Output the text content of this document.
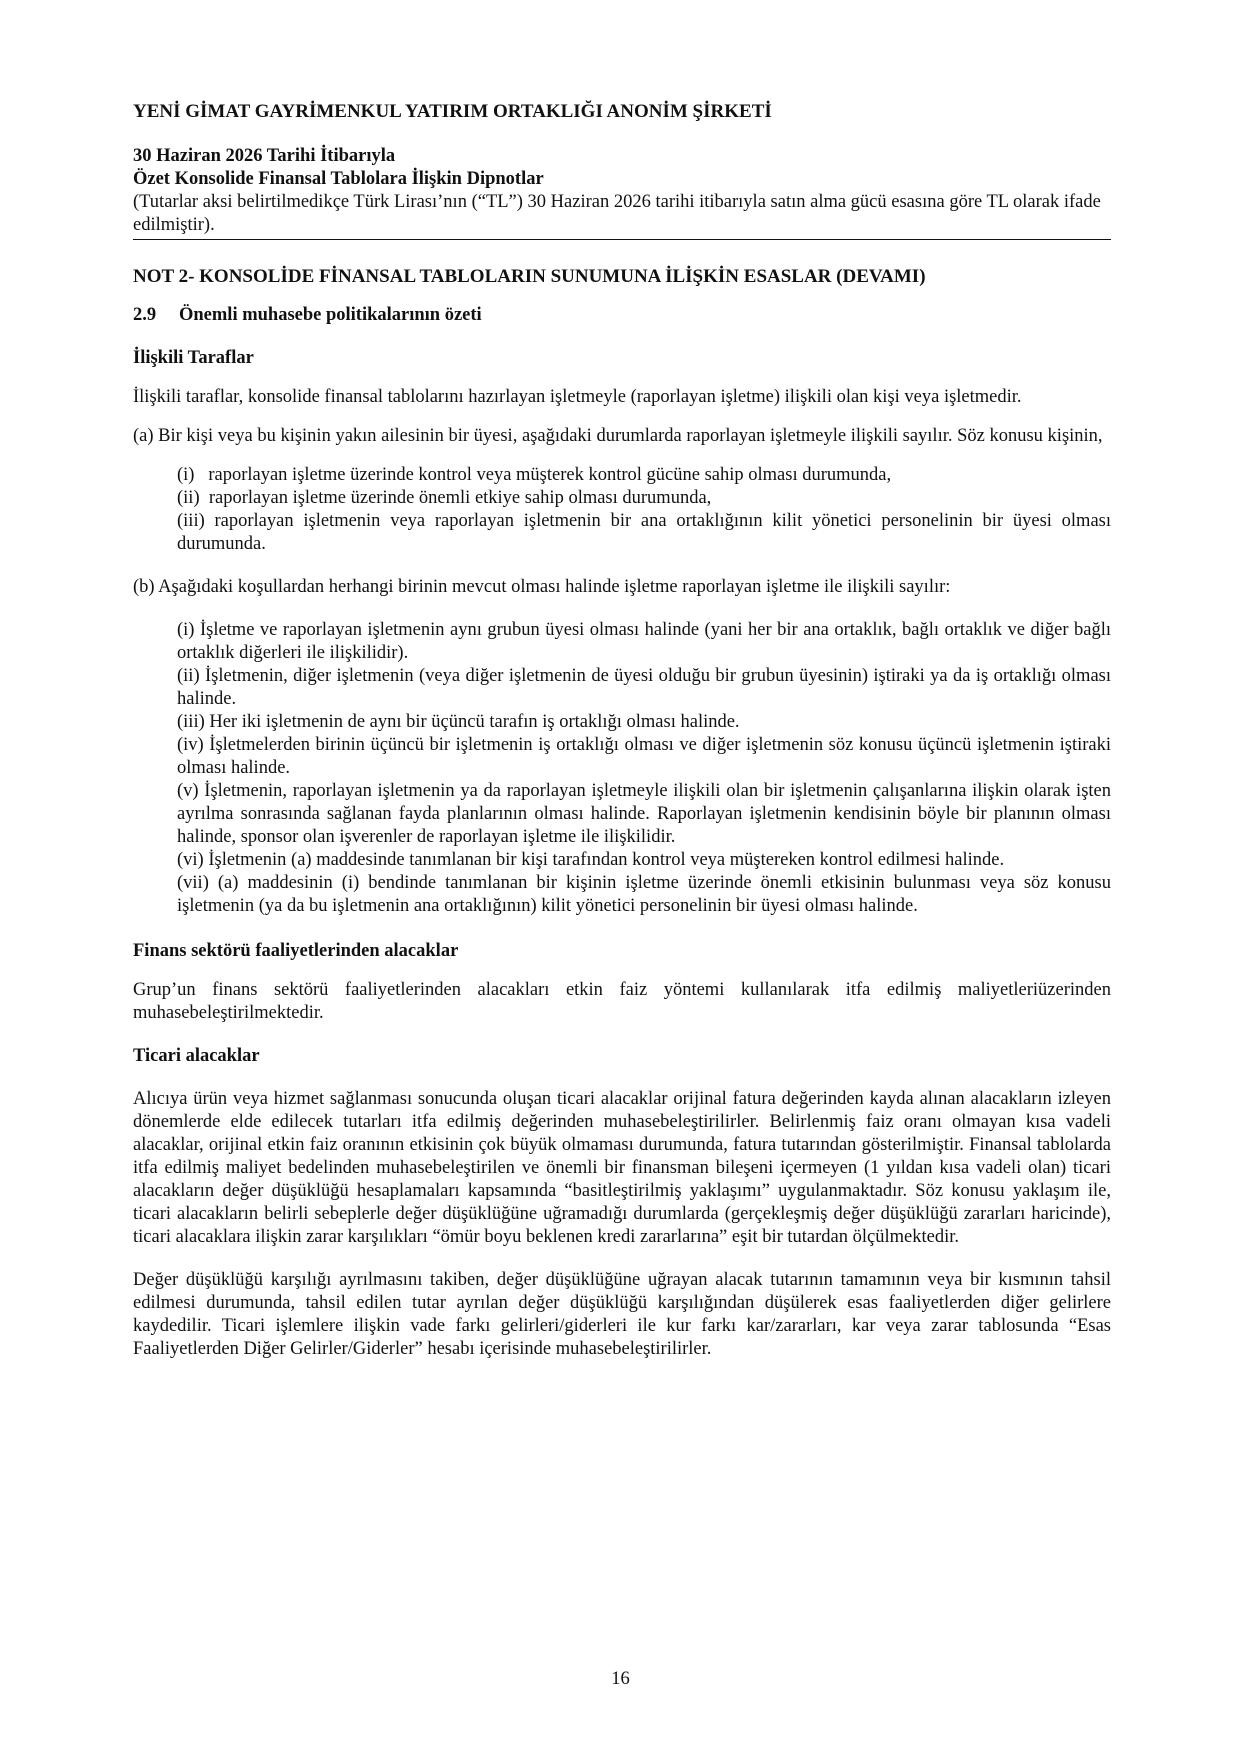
YENİ GİMAT GAYRİMENKUL YATIRIM ORTAKLIĞI ANONİM ŞİRKETİ
30 Haziran 2026 Tarihi İtibarıyla
Özet Konsolide Finansal Tablolara İlişkin Dipnotlar
(Tutarlar aksi belirtilmedikçe Türk Lirası’nın (“TL”) 30 Haziran 2026 tarihi itibarıyla satın alma gücü esasına göre TL olarak ifade edilmiştir).
NOT 2- KONSOLİDE FİNANSAL TABLOLARIN SUNUMUNA İLİŞKİN ESASLAR (DEVAMI)
2.9 Önemli muhasebe politikalarının özeti
İlişkili Taraflar

İlişkili taraflar, konsolide finansal tablolarını hazırlayan işletmeyle (raporlayan işletme) ilişkili olan kişi veya işletmedir.

(a) Bir kişi veya bu kişinin yakın ailesinin bir üyesi, aşağıdaki durumlarda raporlayan işletmeyle ilişkili sayılır. Söz konusu kişinin,

(i)   raporlayan işletme üzerinde kontrol veya müşterek kontrol gücüne sahip olması durumunda,
(ii)  raporlayan işletme üzerinde önemli etkiye sahip olması durumunda,
(iii) raporlayan işletmenin veya raporlayan işletmenin bir ana ortaklığının kilit yönetici personelinin bir üyesi olması durumunda.

(b) Aşağıdaki koşullardan herhangi birinin mevcut olması halinde işletme raporlayan işletme ile ilişkili sayılır:

(i) İşletme ve raporlayan işletmenin aynı grubun üyesi olması halinde (yani her bir ana ortaklık, bağlı ortaklık ve diğer bağlı ortaklık diğerleri ile ilişkilidir).
(ii) İşletmenin, diğer işletmenin (veya diğer işletmenin de üyesi olduğu bir grubun üyesinin) iştiraki ya da iş ortaklığı olması halinde.
(iii) Her iki işletmenin de aynı bir üçüncü tarafın iş ortaklığı olması halinde.
(iv) İşletmelerden birinin üçüncü bir işletmenin iş ortaklığı olması ve diğer işletmenin söz konusu üçüncü işletmenin iştiraki olması halinde.
(v) İşletmenin, raporlayan işletmenin ya da raporlayan işletmeyle ilişkili olan bir işletmenin çalışanlarına ilişkin olarak işten ayrılma sonrasında sağlanan fayda planlarının olması halinde. Raporlayan işletmenin kendisinin böyle bir planının olması halinde, sponsor olan işverenler de raporlayan işletme ile ilişkilidir.
(vi) İşletmenin (a) maddesinde tanımlanan bir kişi tarafından kontrol veya müştereken kontrol edilmesi halinde.
(vii) (a) maddesinin (i) bendinde tanımlanan bir kişinin işletme üzerinde önemli etkisinin bulunması veya söz konusu işletmenin (ya da bu işletmenin ana ortaklığının) kilit yönetici personelinin bir üyesi olması halinde.
Finans sektörü faaliyetlerinden alacaklar

Grup’un finans sektörü faaliyetlerinden alacakları etkin faiz yöntemi kullanılarak itfa edilmiş maliyetleriüzerinden muhasebeleştirilmektedir.

Ticari alacaklar

Alıcıya ürün veya hizmet sağlanması sonucunda oluşan ticari alacaklar orijinal fatura değerinden kayda alınan alacakların izleyen dönemlerde elde edilecek tutarları itfa edilmiş değerinden muhasebeleştirilirler. Belirlenmiş faiz oranı olmayan kısa vadeli alacaklar, orijinal etkin faiz oranının etkisinin çok büyük olmaması durumunda, fatura tutarından gösterilmiştir. Finansal tablolarda itfa edilmiş maliyet bedelinden muhasebeleştirilen ve önemli bir finansman bileşeni içermeyen (1 yıldan kısa vadeli olan) ticari alacakların değer düşüklüğü hesaplamaları kapsamında “basitleştirilmiş yaklaşımı” uygulanmaktadır. Söz konusu yaklaşım ile, ticari alacakların belirli sebeplerle değer düşüklüğüne uğramadığı durumlarda (gerçekleşmiş değer düşüklüğü zararları haricinde), ticari alacaklara ilişkin zarar karşılıkları “ömür boyu beklenen kredi zararlarına” eşit bir tutardan ölçülmektedir.

Değer düşüklüğü karşılığı ayrılmasını takiben, değer düşüklüğüne uğrayan alacak tutarının tamamının veya bir kısmının tahsil edilmesi durumunda, tahsil edilen tutar ayrılan değer düşüklüğü karşılığından düşülerek esas faaliyetlerden diğer gelirlere kaydedilir. Ticari işlemlere ilişkin vade farkı gelirleri/giderleri ile kur farkı kar/zararları, kar veya zarar tablosunda “Esas Faaliyetlerden Diğer Gelirler/Giderler” hesabı içerisinde muhasebeleştirilirler.

16
